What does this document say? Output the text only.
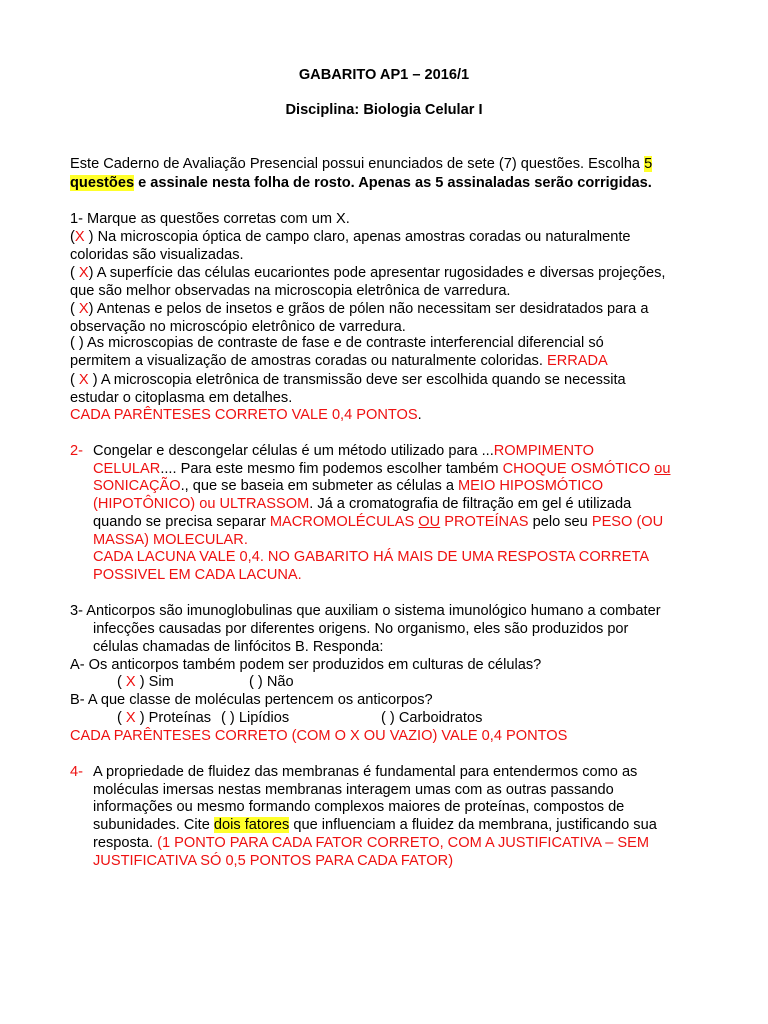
GABARITO AP1 – 2016/1
Disciplina: Biologia Celular I
Este Caderno de Avaliação Presencial possui enunciados de sete (7) questões. Escolha 5
questões e assinale nesta folha de rosto. Apenas as 5 assinaladas serão corrigidas.
1- Marque as questões corretas com um X.
(X ) Na microscopia óptica de campo claro, apenas amostras coradas ou naturalmente
coloridas são visualizadas.
( X) A superfície das células eucariontes pode apresentar rugosidades e diversas projeções,
que são melhor observadas na microscopia eletrônica de varredura.
( X) Antenas e pelos de insetos e grãos de pólen não necessitam ser desidratados para a
observação no microscópio eletrônico de varredura.
( ) As microscopias de contraste de fase e de contraste interferencial diferencial só
permitem a visualização de amostras coradas ou naturalmente coloridas. ERRADA
( X ) A microscopia eletrônica de transmissão deve ser escolhida quando se necessita
estudar o citoplasma em detalhes.
CADA PARÊNTESES CORRETO VALE 0,4 PONTOS.
2- Congelar e descongelar células é um método utilizado para ...ROMPIMENTO
CELULAR.... Para este mesmo fim podemos escolher também CHOQUE OSMÓTICO ou
SONICAÇÃO., que se baseia em submeter as células a MEIO HIPOSMÓTICO
(HIPOTÔNICO) ou ULTRASSOM. Já a cromatografia de filtração em gel é utilizada
quando se precisa separar MACROMOLÉCULAS OU PROTEÍNAS pelo seu PESO (OU
MASSA) MOLECULAR.
CADA LACUNA VALE 0,4. NO GABARITO HÁ MAIS DE UMA RESPOSTA CORRETA
POSSIVEL EM CADA LACUNA.
3- Anticorpos são imunoglobulinas que auxiliam o sistema imunológico humano a combater
infecções causadas por diferentes origens. No organismo, eles são produzidos por
células chamadas de linfócitos B. Responda:
A- Os anticorpos também podem ser produzidos em culturas de células?
( X ) Sim	( ) Não
B- A que classe de moléculas pertencem os anticorpos?
( X ) Proteínas ( ) Lipídios	( ) Carboidratos
CADA PARÊNTESES CORRETO (COM O X OU VAZIO) VALE 0,4 PONTOS
4- A propriedade de fluidez das membranas é fundamental para entendermos como as
moléculas imersas nestas membranas interagem umas com as outras passando
informações ou mesmo formando complexos maiores de proteínas, compostos de
subunidades. Cite dois fatores que influenciam a fluidez da membrana, justificando sua
resposta. (1 PONTO PARA CADA FATOR CORRETO, COM A JUSTIFICATIVA – SEM
JUSTIFICATIVA SÓ 0,5 PONTOS PARA CADA FATOR)
